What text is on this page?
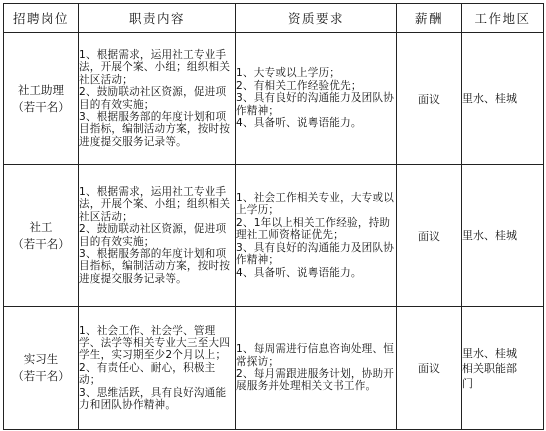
招聘岗位	职责内容	资质要求	薪酬	工作地区

社工助理
（若干名）	1、根据需求，运用社工专业手法，开展个案、小组；组织相关社区活动；
2、鼓励联动社区资源，促进项目的有效实施；
3、根据服务部的年度计划和项目指标，编制活动方案，按时按进度提交服务记录等。	1、大专或以上学历；
2、有相关工作经验优先；
3、具有良好的沟通能力及团队协作精神；
4、具备听、说粤语能力。	面议	里水、桂城

社工
（若干名）	1、根据需求，运用社工专业手法，开展个案、小组；组织相关社区活动；
2、鼓励联动社区资源，促进项目的有效实施；
3、根据服务部的年度计划和项目指标，编制活动方案，按时按进度提交服务记录等。	1、社会工作相关专业，大专或以上学历；
2、1年以上相关工作经验，持助理社工师资格证优先；
3、具有良好的沟通能力及团队协作精神；
4、具备听、说粤语能力。	面议	里水、桂城

实习生
（若干名）	1、社会工作、社会学、管理学、法学等相关专业大三至大四学生，实习期至少2个月以上；
2、有责任心、耐心，积极主动；
3、思维活跃，具有良好沟通能力和团队协作精神。	1、每周需进行信息咨询处理、恒常探访；
2、每月需跟进服务计划，协助开展服务并处理相关文书工作。	面议	里水、桂城
相关职能部
门
